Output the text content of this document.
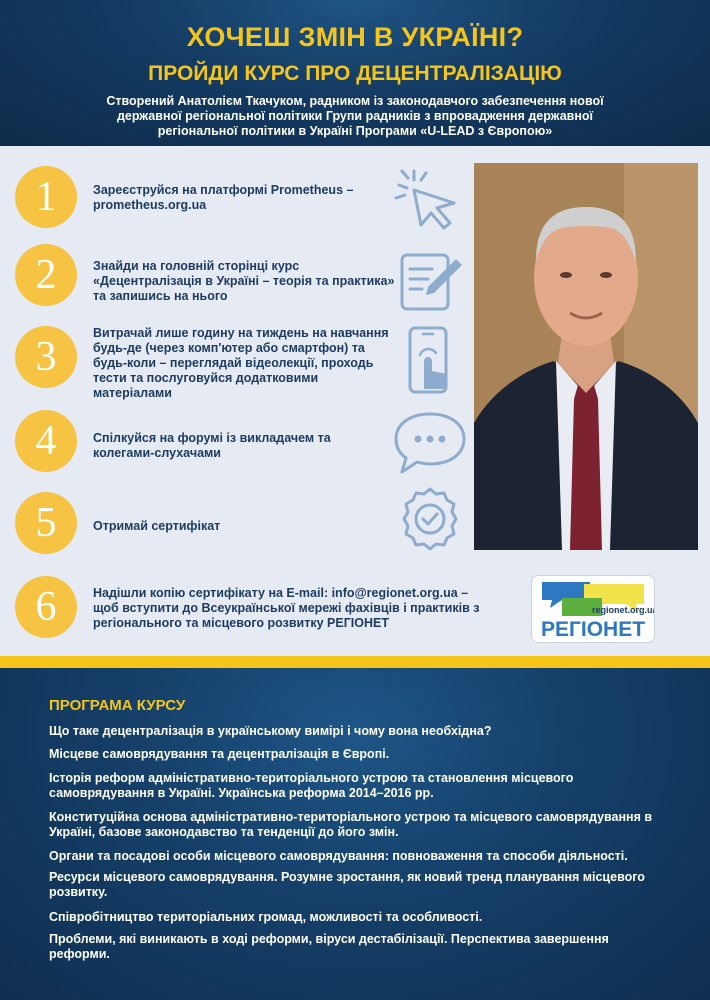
ХОЧЕШ ЗМІН В УКРАЇНІ?
ПРОЙДИ КУРС ПРО ДЕЦЕНТРАЛІЗАЦІЮ
Створений Анатолієм Ткачуком, радником із законодавчого забезпечення нової державної регіональної політики Групи радників з впровадження державної регіональної політики в Україні Програми «U-LEAD з Європою»
1	Зареєструйся на платформі Prometheus – prometheus.org.ua
2	Знайди на головній сторінці курс «Децентралізація в Україні – теорія та практика» та запишись на нього
3
Витрачай лише годину на тиждень на навчання будь-де (через комп'ютер або смартфон) та будь-коли – переглядай відеолекції, проходь тести та послуговуйся додатковими матеріалами
4	Спілкуйся на форумі із викладачем та колегами-слухачами
5	Отримай сертифікат
6	Надішли копію сертифікату на E-mail: info@regionet.org.ua – щоб вступити до Всеукраїнської мережі фахівців і практиків з регіонального та місцевого розвитку РЕГІОНЕТ
regionet.org.ua
РЕГІОНЕТ
ПРОГРАМА КУРСУ
Що таке децентралізація в українському вимірі і чому вона необхідна?
Місцеве самоврядування та децентралізація в Європі.
Історія реформ адміністративно-територіального устрою та становлення місцевого самоврядування в Україні. Українська реформа 2014–2016 рр.
Конституційна основа адміністративно-територіального устрою та місцевого самоврядування в Україні, базове законодавство та тенденції до його змін.
Органи та посадові особи місцевого самоврядування: повноваження та способи діяльності.
Ресурси місцевого самоврядування. Розумне зростання, як новий тренд планування місцевого розвитку.
Співробітництво територіальних громад, можливості та особливості.
Проблеми, які виникають в ході реформи, віруси дестабілізації. Перспектива завершення реформи.
